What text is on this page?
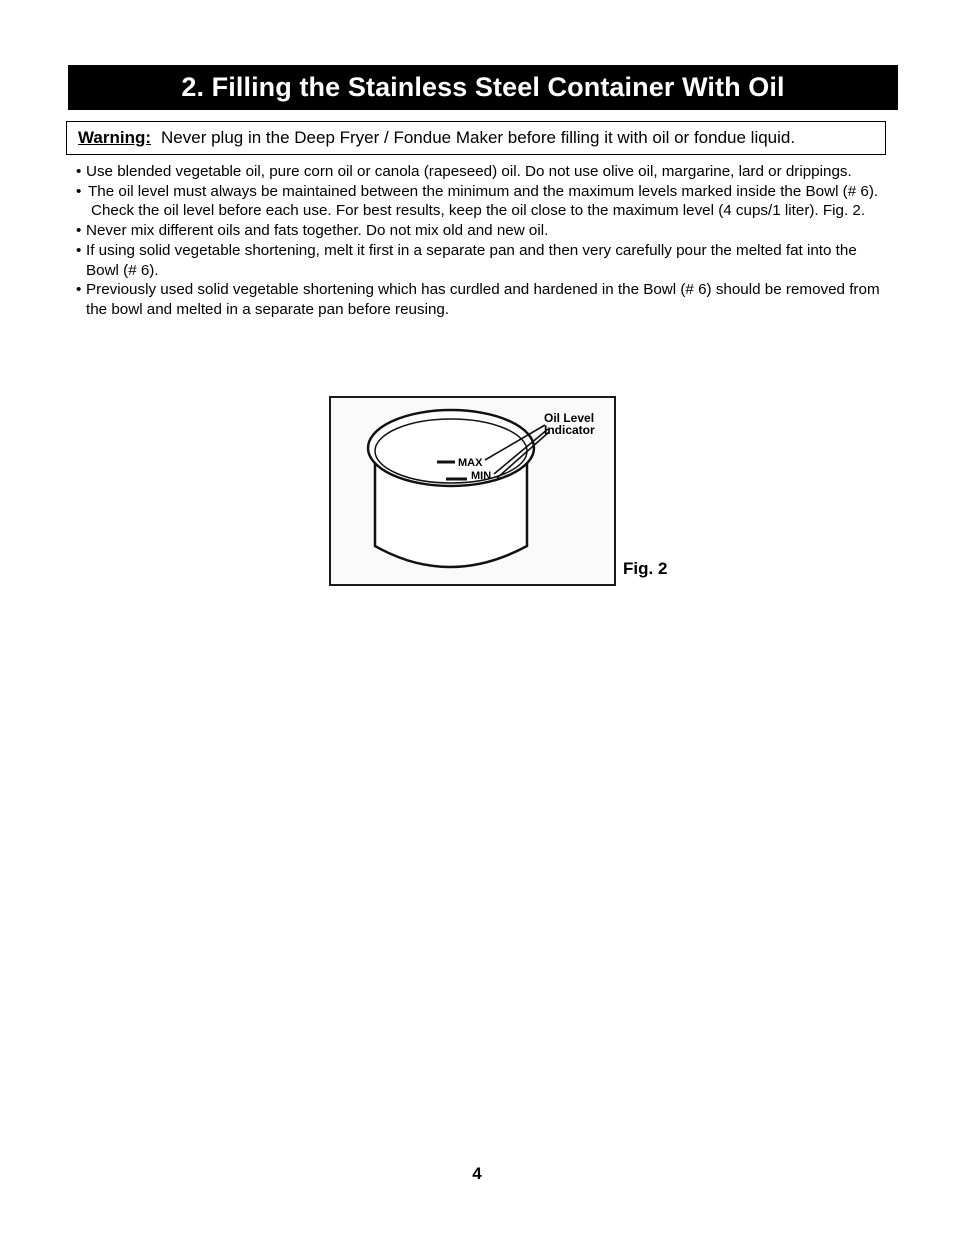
2. Filling the Stainless Steel Container With Oil
Warning: Never plug in the Deep Fryer / Fondue Maker before filling it with oil or fondue liquid.
• Use blended vegetable oil, pure corn oil or canola (rapeseed) oil. Do not use olive oil, margarine, lard or drippings.
• The oil level must always be maintained between the minimum and the maximum levels marked inside the Bowl (# 6). Check the oil level before each use. For best results, keep the oil close to the maximum level (4 cups/1 liter). Fig. 2.
• Never mix different oils and fats together. Do not mix old and new oil.
• If using solid vegetable shortening, melt it first in a separate pan and then very carefully pour the melted fat into the Bowl (# 6).
• Previously used solid vegetable shortening which has curdled and hardened in the Bowl (# 6) should be removed from the bowl and melted in a separate pan before reusing.
MAX
MIN
Oil Level
Indicator
Fig. 2
4
